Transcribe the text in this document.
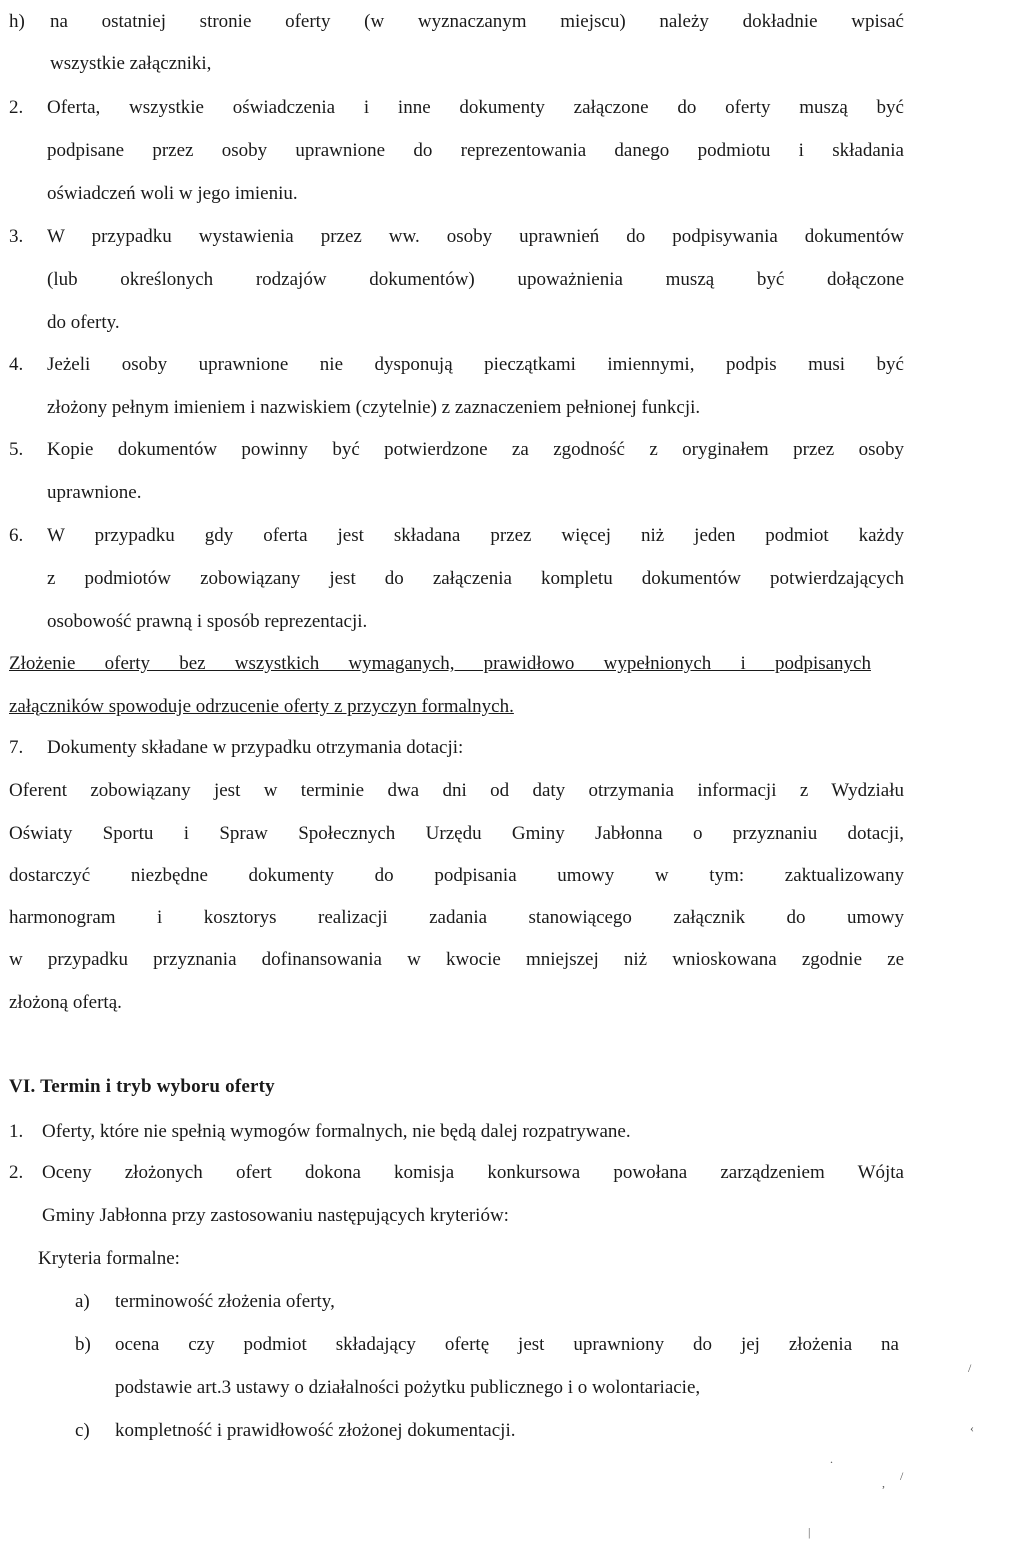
h) na ostatniej stronie oferty (w wyznaczanym miejscu) należy dokładnie wpisać
wszystkie załączniki,
2. Oferta, wszystkie oświadczenia i inne dokumenty załączone do oferty muszą być
podpisane przez osoby uprawnione do reprezentowania danego podmiotu i składania
oświadczeń woli w jego imieniu.
3. W przypadku wystawienia przez ww. osoby uprawnień do podpisywania dokumentów
(lub określonych rodzajów dokumentów) upoważnienia muszą być dołączone
do oferty.
4. Jeżeli osoby uprawnione nie dysponują pieczątkami imiennymi, podpis musi być
złożony pełnym imieniem i nazwiskiem (czytelnie) z zaznaczeniem pełnionej funkcji.
5. Kopie dokumentów powinny być potwierdzone za zgodność z oryginałem przez osoby
uprawnione.
6. W przypadku gdy oferta jest składana przez więcej niż jeden podmiot każdy
z podmiotów zobowiązany jest do załączenia kompletu dokumentów potwierdzających
osobowość prawną i sposób reprezentacji.
Złożenie oferty bez wszystkich wymaganych, prawidłowo wypełnionych i podpisanych
załączników spowoduje odrzucenie oferty z przyczyn formalnych.
7. Dokumenty składane w przypadku otrzymania dotacji:
Oferent zobowiązany jest w terminie dwa dni od daty otrzymania informacji z Wydziału
Oświaty Sportu i Spraw Społecznych Urzędu Gminy Jabłonna o przyznaniu dotacji,
dostarczyć niezbędne dokumenty do podpisania umowy w tym: zaktualizowany
harmonogram i kosztorys realizacji zadania stanowiącego załącznik do umowy
w przypadku przyznania dofinansowania w kwocie mniejszej niż wnioskowana zgodnie ze
złożoną ofertą.
VI. Termin i tryb wyboru oferty
1. Oferty, które nie spełnią wymogów formalnych, nie będą dalej rozpatrywane.
2. Oceny złożonych ofert dokona komisja konkursowa powołana zarządzeniem Wójta
Gminy Jabłonna przy zastosowaniu następujących kryteriów:
Kryteria formalne:
a) terminowość złożenia oferty,
b) ocena czy podmiot składający ofertę jest uprawniony do jej złożenia na
podstawie art.3 ustawy o działalności pożytku publicznego i o wolontariacie,
c) kompletność i prawidłowość złożonej dokumentacji.
/
‹
, /
.
|
